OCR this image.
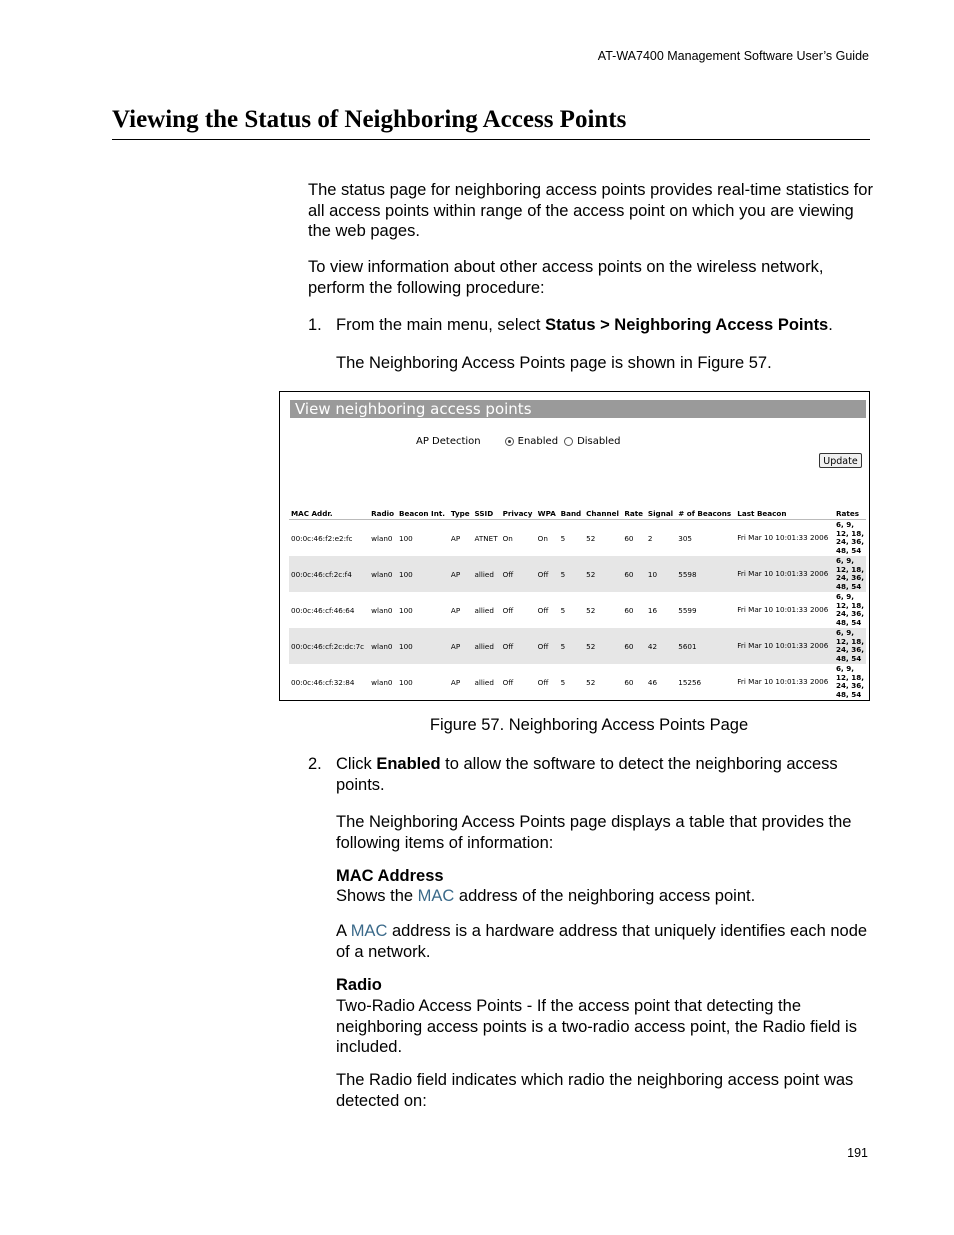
AT-WA7400 Management Software User’s Guide
Viewing the Status of Neighboring Access Points
The status page for neighboring access points provides real-time statistics for all access points within range of the access point on which you are viewing the web pages.
To view information about other access points on the wireless network, perform the following procedure:
1. From the main menu, select Status > Neighboring Access Points.
The Neighboring Access Points page is shown in Figure 57.
View neighboring access points
AP Detection	Enabled Disabled
Update
MAC Addr.	Radio	Beacon Int.	Type	SSID	Privacy	WPA	Band	Channel	Rate	Signal	# of Beacons	Last Beacon	Rates
00:0c:46:f2:e2:fc	wlan0	100	AP	ATNET	On	On	5	52	60	2	305	Fri Mar 10 10:01:33 2006	6, 9, 12, 18, 24, 36, 48, 54
00:0c:46:cf:2c:f4	wlan0	100	AP	allied	Off	Off	5	52	60	10	5598	Fri Mar 10 10:01:33 2006	6, 9, 12, 18, 24, 36, 48, 54
00:0c:46:cf:46:64	wlan0	100	AP	allied	Off	Off	5	52	60	16	5599	Fri Mar 10 10:01:33 2006	6, 9, 12, 18, 24, 36, 48, 54
00:0c:46:cf:2c:dc:7c	wlan0	100	AP	allied	Off	Off	5	52	60	42	5601	Fri Mar 10 10:01:33 2006	6, 9, 12, 18, 24, 36, 48, 54
00:0c:46:cf:32:84	wlan0	100	AP	allied	Off	Off	5	52	60	46	15256	Fri Mar 10 10:01:33 2006	6, 9, 12, 18, 24, 36, 48, 54
Figure 57. Neighboring Access Points Page
2. Click Enabled to allow the software to detect the neighboring access points.
The Neighboring Access Points page displays a table that provides the following items of information:
MAC Address
Shows the MAC address of the neighboring access point.
A MAC address is a hardware address that uniquely identifies each node of a network.
Radio
Two-Radio Access Points - If the access point that detecting the neighboring access points is a two-radio access point, the Radio field is included.
The Radio field indicates which radio the neighboring access point was detected on:
191
